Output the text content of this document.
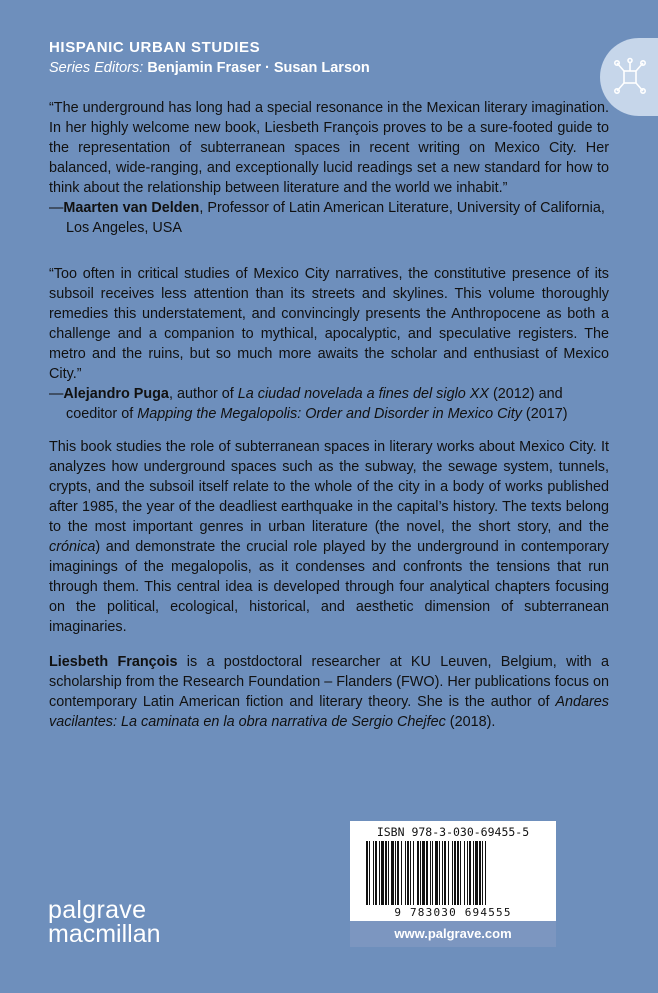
HISPANIC URBAN STUDIES
Series Editors: Benjamin Fraser · Susan Larson
“The underground has long had a special resonance in the Mexican literary imagination. In her highly welcome new book, Liesbeth François proves to be a sure-footed guide to the representation of subterranean spaces in recent writing on Mexico City. Her balanced, wide-ranging, and exceptionally lucid readings set a new standard for how to think about the relationship between literature and the world we inhabit.”
—Maarten van Delden, Professor of Latin American Literature, University of California, Los Angeles, USA
“Too often in critical studies of Mexico City narratives, the constitutive presence of its subsoil receives less attention than its streets and skylines. This volume thoroughly remedies this understatement, and convincingly presents the Anthropocene as both a challenge and a companion to mythical, apocalyptic, and speculative registers. The metro and the ruins, but so much more awaits the scholar and enthusiast of Mexico City.”
—Alejandro Puga, author of La ciudad novelada a fines del siglo XX (2012) and coeditor of Mapping the Megalopolis: Order and Disorder in Mexico City (2017)
This book studies the role of subterranean spaces in literary works about Mexico City. It analyzes how underground spaces such as the subway, the sewage system, tunnels, crypts, and the subsoil itself relate to the whole of the city in a body of works published after 1985, the year of the deadliest earthquake in the capital’s history. The texts belong to the most important genres in urban literature (the novel, the short story, and the crónica) and demonstrate the crucial role played by the underground in contemporary imaginings of the megalopolis, as it condenses and confronts the tensions that run through them. This central idea is developed through four analytical chapters focusing on the political, ecological, historical, and aesthetic dimension of subterranean imaginaries.
Liesbeth François is a postdoctoral researcher at KU Leuven, Belgium, with a scholarship from the Research Foundation – Flanders (FWO). Her publications focus on contemporary Latin American fiction and literary theory. She is the author of Andares vacilantes: La caminata en la obra narrativa de Sergio Chejfec (2018).
palgrave
macmillan
ISBN 978-3-030-69455-5
9 783030 694555
www.palgrave.com
